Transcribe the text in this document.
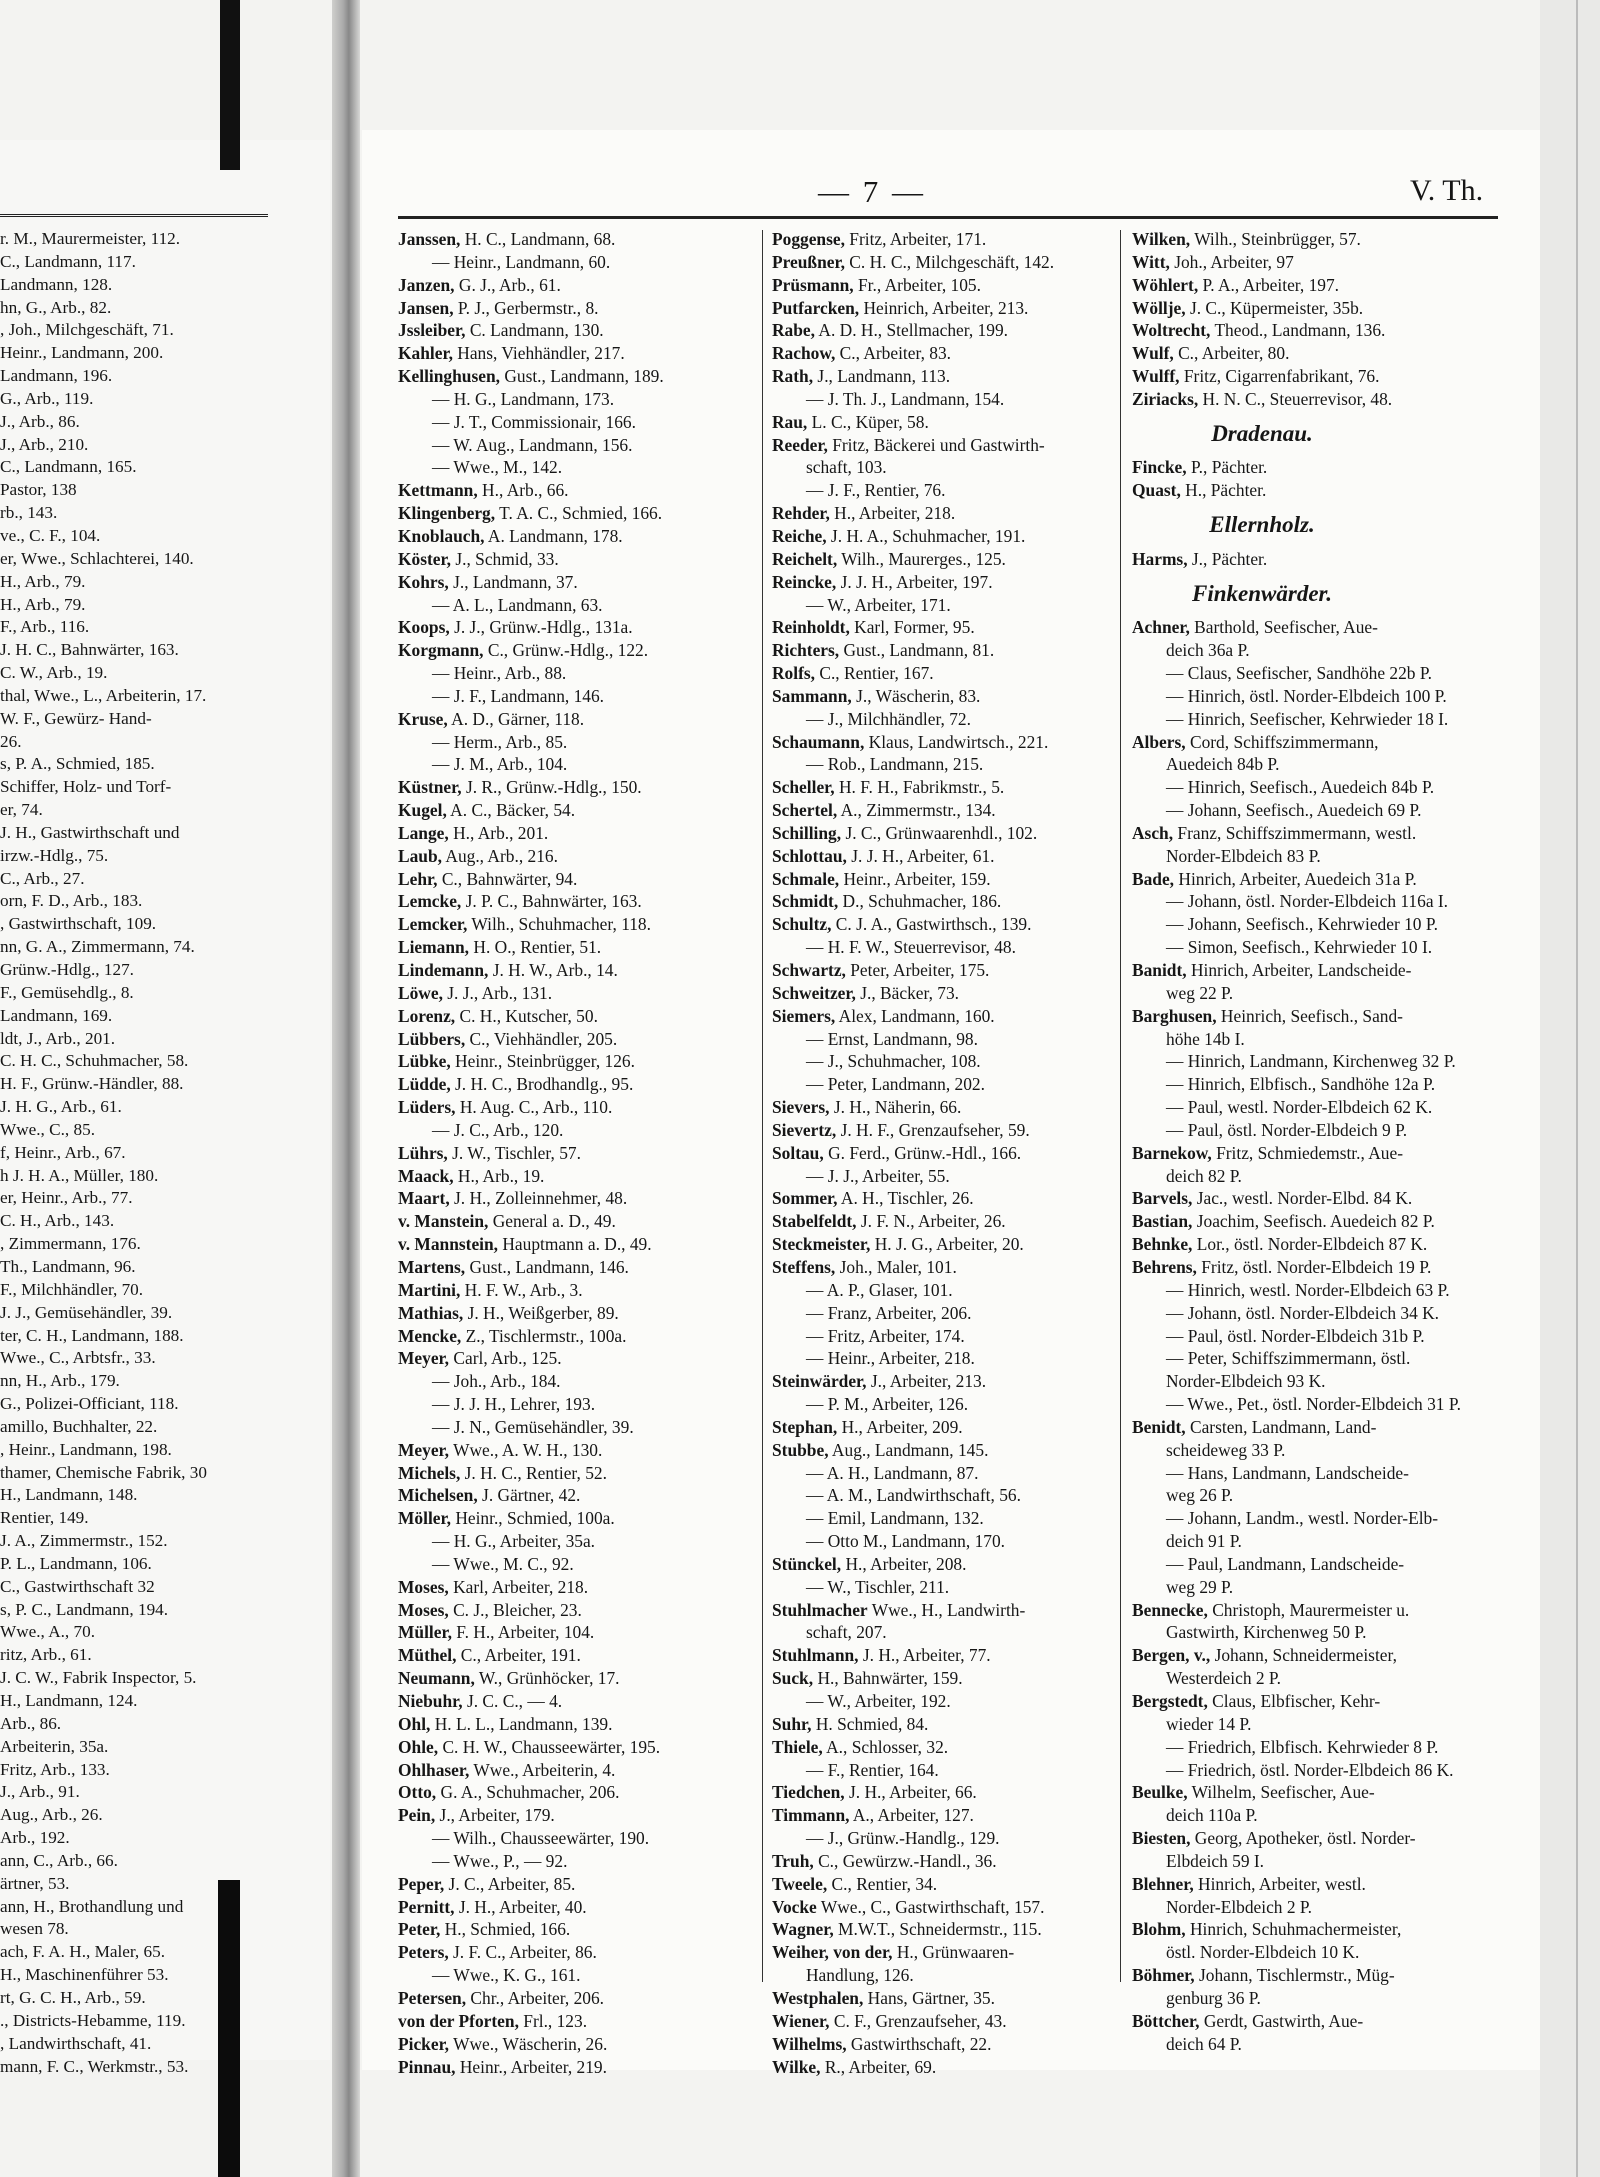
r. M., Maurermeister, 112.
C., Landmann, 117.
Landmann, 128.
hn, G., Arb., 82.
, Joh., Milchgeschäft, 71.
Heinr., Landmann, 200.
Landmann, 196.
G., Arb., 119.
J., Arb., 86.
J., Arb., 210.
C., Landmann, 165.
Pastor, 138
rb., 143.
ve., C. F., 104.
er, Wwe., Schlachterei, 140.
H., Arb., 79.
H., Arb., 79.
F., Arb., 116.
J. H. C., Bahnwärter, 163.
C. W., Arb., 19.
thal, Wwe., L., Arbeiterin, 17.
W. F., Gewürz- Hand-
26.
s, P. A., Schmied, 185.
Schiffer, Holz- und Torf-
er, 74.
J. H., Gastwirthschaft und
irzw.-Hdlg., 75.
C., Arb., 27.
orn, F. D., Arb., 183.
, Gastwirthschaft, 109.
nn, G. A., Zimmermann, 74.
Grünw.-Hdlg., 127.
F., Gemüsehdlg., 8.
Landmann, 169.
ldt, J., Arb., 201.
C. H. C., Schuhmacher, 58.
H. F., Grünw.-Händler, 88.
J. H. G., Arb., 61.
Wwe., C., 85.
f, Heinr., Arb., 67.
h J. H. A., Müller, 180.
er, Heinr., Arb., 77.
C. H., Arb., 143.
, Zimmermann, 176.
Th., Landmann, 96.
F., Milchhändler, 70.
J. J., Gemüsehändler, 39.
ter, C. H., Landmann, 188.
Wwe., C., Arbtsfr., 33.
nn, H., Arb., 179.
G., Polizei-Officiant, 118.
amillo, Buchhalter, 22.
, Heinr., Landmann, 198.
thamer, Chemische Fabrik, 30
H., Landmann, 148.
Rentier, 149.
J. A., Zimmermstr., 152.
P. L., Landmann, 106.
C., Gastwirthschaft 32
s, P. C., Landmann, 194.
Wwe., A., 70.
ritz, Arb., 61.
J. C. W., Fabrik Inspector, 5.
H., Landmann, 124.
Arb., 86.
Arbeiterin, 35a.
Fritz, Arb., 133.
J., Arb., 91.
Aug., Arb., 26.
Arb., 192.
ann, C., Arb., 66.
ärtner, 53.
ann, H., Brothandlung und
wesen 78.
ach, F. A. H., Maler, 65.
H., Maschinenführer 53.
rt, G. C. H., Arb., 59.
., Districts-Hebamme, 119.
, Landwirthschaft, 41.
mann, F. C., Werkmstr., 53.
— 7 —	V. Th.
Janssen, H. C., Landmann, 68.
— Heinr., Landmann, 60.
Janzen, G. J., Arb., 61.
Jansen, P. J., Gerbermstr., 8.
Jssleiber, C. Landmann, 130.
Kahler, Hans, Viehhändler, 217.
Kellinghusen, Gust., Landmann, 189.
— H. G., Landmann, 173.
— J. T., Commissionair, 166.
— W. Aug., Landmann, 156.
— Wwe., M., 142.
Kettmann, H., Arb., 66.
Klingenberg, T. A. C., Schmied, 166.
Knoblauch, A. Landmann, 178.
Köster, J., Schmid, 33.
Kohrs, J., Landmann, 37.
— A. L., Landmann, 63.
Koops, J. J., Grünw.-Hdlg., 131a.
Korgmann, C., Grünw.-Hdlg., 122.
— Heinr., Arb., 88.
— J. F., Landmann, 146.
Kruse, A. D., Gärner, 118.
— Herm., Arb., 85.
— J. M., Arb., 104.
Küstner, J. R., Grünw.-Hdlg., 150.
Kugel, A. C., Bäcker, 54.
Lange, H., Arb., 201.
Laub, Aug., Arb., 216.
Lehr, C., Bahnwärter, 94.
Lemcke, J. P. C., Bahnwärter, 163.
Lemcker, Wilh., Schuhmacher, 118.
Liemann, H. O., Rentier, 51.
Lindemann, J. H. W., Arb., 14.
Löwe, J. J., Arb., 131.
Lorenz, C. H., Kutscher, 50.
Lübbers, C., Viehhändler, 205.
Lübke, Heinr., Steinbrügger, 126.
Lüdde, J. H. C., Brodhandlg., 95.
Lüders, H. Aug. C., Arb., 110.
— J. C., Arb., 120.
Lührs, J. W., Tischler, 57.
Maack, H., Arb., 19.
Maart, J. H., Zolleinnehmer, 48.
v. Manstein, General a. D., 49.
v. Mannstein, Hauptmann a. D., 49.
Martens, Gust., Landmann, 146.
Martini, H. F. W., Arb., 3.
Mathias, J. H., Weißgerber, 89.
Mencke, Z., Tischlermstr., 100a.
Meyer, Carl, Arb., 125.
— Joh., Arb., 184.
— J. J. H., Lehrer, 193.
— J. N., Gemüsehändler, 39.
Meyer, Wwe., A. W. H., 130.
Michels, J. H. C., Rentier, 52.
Michelsen, J. Gärtner, 42.
Möller, Heinr., Schmied, 100a.
— H. G., Arbeiter, 35a.
— Wwe., M. C., 92.
Moses, Karl, Arbeiter, 218.
Moses, C. J., Bleicher, 23.
Müller, F. H., Arbeiter, 104.
Müthel, C., Arbeiter, 191.
Neumann, W., Grünhöcker, 17.
Niebuhr, J. C. C., — 4.
Ohl, H. L. L., Landmann, 139.
Ohle, C. H. W., Chausseewärter, 195.
Ohlhaser, Wwe., Arbeiterin, 4.
Otto, G. A., Schuhmacher, 206.
Pein, J., Arbeiter, 179.
— Wilh., Chausseewärter, 190.
— Wwe., P., — 92.
Peper, J. C., Arbeiter, 85.
Pernitt, J. H., Arbeiter, 40.
Peter, H., Schmied, 166.
Peters, J. F. C., Arbeiter, 86.
— Wwe., K. G., 161.
Petersen, Chr., Arbeiter, 206.
von der Pforten, Frl., 123.
Picker, Wwe., Wäscherin, 26.
Pinnau, Heinr., Arbeiter, 219.
Poggense, Fritz, Arbeiter, 171.
Preußner, C. H. C., Milchgeschäft, 142.
Prüsmann, Fr., Arbeiter, 105.
Putfarcken, Heinrich, Arbeiter, 213.
Rabe, A. D. H., Stellmacher, 199.
Rachow, C., Arbeiter, 83.
Rath, J., Landmann, 113.
— J. Th. J., Landmann, 154.
Rau, L. C., Küper, 58.
Reeder, Fritz, Bäckerei und Gastwirth-
schaft, 103.
— J. F., Rentier, 76.
Rehder, H., Arbeiter, 218.
Reiche, J. H. A., Schuhmacher, 191.
Reichelt, Wilh., Maurerges., 125.
Reincke, J. J. H., Arbeiter, 197.
— W., Arbeiter, 171.
Reinholdt, Karl, Former, 95.
Richters, Gust., Landmann, 81.
Rolfs, C., Rentier, 167.
Sammann, J., Wäscherin, 83.
— J., Milchhändler, 72.
Schaumann, Klaus, Landwirtsch., 221.
— Rob., Landmann, 215.
Scheller, H. F. H., Fabrikmstr., 5.
Schertel, A., Zimmermstr., 134.
Schilling, J. C., Grünwaarenhdl., 102.
Schlottau, J. J. H., Arbeiter, 61.
Schmale, Heinr., Arbeiter, 159.
Schmidt, D., Schuhmacher, 186.
Schultz, C. J. A., Gastwirthsch., 139.
— H. F. W., Steuerrevisor, 48.
Schwartz, Peter, Arbeiter, 175.
Schweitzer, J., Bäcker, 73.
Siemers, Alex, Landmann, 160.
— Ernst, Landmann, 98.
— J., Schuhmacher, 108.
— Peter, Landmann, 202.
Sievers, J. H., Näherin, 66.
Sievertz, J. H. F., Grenzaufseher, 59.
Soltau, G. Ferd., Grünw.-Hdl., 166.
— J. J., Arbeiter, 55.
Sommer, A. H., Tischler, 26.
Stabelfeldt, J. F. N., Arbeiter, 26.
Steckmeister, H. J. G., Arbeiter, 20.
Steffens, Joh., Maler, 101.
— A. P., Glaser, 101.
— Franz, Arbeiter, 206.
— Fritz, Arbeiter, 174.
— Heinr., Arbeiter, 218.
Steinwärder, J., Arbeiter, 213.
— P. M., Arbeiter, 126.
Stephan, H., Arbeiter, 209.
Stubbe, Aug., Landmann, 145.
— A. H., Landmann, 87.
— A. M., Landwirthschaft, 56.
— Emil, Landmann, 132.
— Otto M., Landmann, 170.
Stünckel, H., Arbeiter, 208.
— W., Tischler, 211.
Stuhlmacher Wwe., H., Landwirth-
schaft, 207.
Stuhlmann, J. H., Arbeiter, 77.
Suck, H., Bahnwärter, 159.
— W., Arbeiter, 192.
Suhr, H. Schmied, 84.
Thiele, A., Schlosser, 32.
— F., Rentier, 164.
Tiedchen, J. H., Arbeiter, 66.
Timmann, A., Arbeiter, 127.
— J., Grünw.-Handlg., 129.
Truh, C., Gewürzw.-Handl., 36.
Tweele, C., Rentier, 34.
Vocke Wwe., C., Gastwirthschaft, 157.
Wagner, M.W.T., Schneidermstr., 115.
Weiher, von der, H., Grünwaaren-
Handlung, 126.
Westphalen, Hans, Gärtner, 35.
Wiener, C. F., Grenzaufseher, 43.
Wilhelms, Gastwirthschaft, 22.
Wilke, R., Arbeiter, 69.
Wilken, Wilh., Steinbrügger, 57.
Witt, Joh., Arbeiter, 97
Wöhlert, P. A., Arbeiter, 197.
Wöllje, J. C., Küpermeister, 35b.
Woltrecht, Theod., Landmann, 136.
Wulf, C., Arbeiter, 80.
Wulff, Fritz, Cigarrenfabrikant, 76.
Ziriacks, H. N. C., Steuerrevisor, 48.
Dradenau.
Fincke, P., Pächter.
Quast, H., Pächter.
Ellernholz.
Harms, J., Pächter.
Finkenwärder.
Achner, Barthold, Seefischer, Aue-
deich 36a P.
— Claus, Seefischer, Sandhöhe 22b P.
— Hinrich, östl. Norder-Elbdeich 100 P.
— Hinrich, Seefischer, Kehrwieder 18 I.
Albers, Cord, Schiffszimmermann,
Auedeich 84b P.
— Hinrich, Seefisch., Auedeich 84b P.
— Johann, Seefisch., Auedeich 69 P.
Asch, Franz, Schiffszimmermann, westl.
Norder-Elbdeich 83 P.
Bade, Hinrich, Arbeiter, Auedeich 31a P.
— Johann, östl. Norder-Elbdeich 116a I.
— Johann, Seefisch., Kehrwieder 10 P.
— Simon, Seefisch., Kehrwieder 10 I.
Banidt, Hinrich, Arbeiter, Landscheide-
weg 22 P.
Barghusen, Heinrich, Seefisch., Sand-
höhe 14b I.
— Hinrich, Landmann, Kirchenweg 32 P.
— Hinrich, Elbfisch., Sandhöhe 12a P.
— Paul, westl. Norder-Elbdeich 62 K.
— Paul, östl. Norder-Elbdeich 9 P.
Barnekow, Fritz, Schmiedemstr., Aue-
deich 82 P.
Barvels, Jac., westl. Norder-Elbd. 84 K.
Bastian, Joachim, Seefisch. Auedeich 82 P.
Behnke, Lor., östl. Norder-Elbdeich 87 K.
Behrens, Fritz, östl. Norder-Elbdeich 19 P.
— Hinrich, westl. Norder-Elbdeich 63 P.
— Johann, östl. Norder-Elbdeich 34 K.
— Paul, östl. Norder-Elbdeich 31b P.
— Peter, Schiffszimmermann, östl.
Norder-Elbdeich 93 K.
— Wwe., Pet., östl. Norder-Elbdeich 31 P.
Benidt, Carsten, Landmann, Land-
scheideweg 33 P.
— Hans, Landmann, Landscheide-
weg 26 P.
— Johann, Landm., westl. Norder-Elb-
deich 91 P.
— Paul, Landmann, Landscheide-
weg 29 P.
Bennecke, Christoph, Maurermeister u.
Gastwirth, Kirchenweg 50 P.
Bergen, v., Johann, Schneidermeister,
Westerdeich 2 P.
Bergstedt, Claus, Elbfischer, Kehr-
wieder 14 P.
— Friedrich, Elbfisch. Kehrwieder 8 P.
— Friedrich, östl. Norder-Elbdeich 86 K.
Beulke, Wilhelm, Seefischer, Aue-
deich 110a P.
Biesten, Georg, Apotheker, östl. Norder-
Elbdeich 59 I.
Blehner, Hinrich, Arbeiter, westl.
Norder-Elbdeich 2 P.
Blohm, Hinrich, Schuhmachermeister,
östl. Norder-Elbdeich 10 K.
Böhmer, Johann, Tischlermstr., Müg-
genburg 36 P.
Böttcher, Gerdt, Gastwirth, Aue-
deich 64 P.
